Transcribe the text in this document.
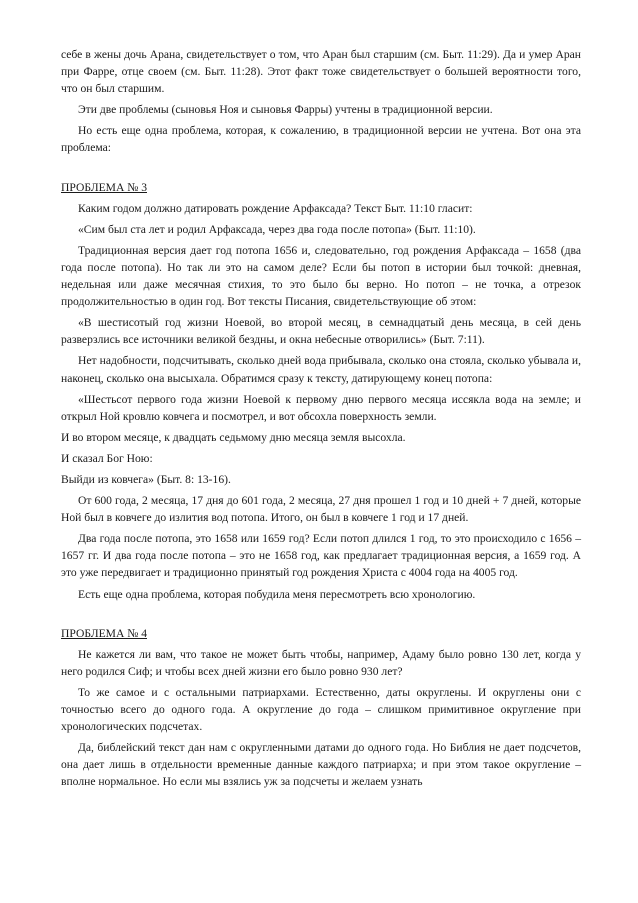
себе в жены дочь Арана, свидетельствует о том, что Аран был старшим (см. Быт. 11:29). Да и умер Аран при Фарре, отце своем (см. Быт. 11:28). Этот факт тоже свидетельствует о большей вероятности того, что он был старшим.

Эти две проблемы (сыновья Ноя и сыновья Фарры) учтены в традиционной версии.

Но есть еще одна проблема, которая, к сожалению, в традиционной версии не учтена. Вот она эта проблема:

ПРОБЛЕМА № 3

Каким годом должно датировать рождение Арфаксада? Текст Быт. 11:10 гласит:

«Сим был ста лет и родил Арфаксада, через два года после потопа» (Быт. 11:10).

Традиционная версия дает год потопа 1656 и, следовательно, год рождения Арфаксада – 1658 (два года после потопа). Но так ли это на самом деле? Если бы потоп в истории был точкой: дневная, недельная или даже месячная стихия, то это было бы верно. Но потоп – не точка, а отрезок продолжительностью в один год. Вот тексты Писания, свидетельствующие об этом:

«В шестисотый год жизни Ноевой, во второй месяц, в семнадцатый день месяца, в сей день разверзлись все источники великой бездны, и окна небесные отворились» (Быт. 7:11).

Нет надобности, подсчитывать, сколько дней вода прибывала, сколько она стояла, сколько убывала и, наконец, сколько она высыхала. Обратимся сразу к тексту, датирующему конец потопа:

«Шестьсот первого года жизни Ноевой к первому дню первого месяца иссякла вода на земле; и открыл Ной кровлю ковчега и посмотрел, и вот обсохла поверхность земли.

И во втором месяце, к двадцать седьмому дню месяца земля высохла.

И сказал Бог Ною:

Выйди из ковчега» (Быт. 8: 13-16).

От 600 года, 2 месяца, 17 дня до 601 года, 2 месяца, 27 дня прошел 1 год и 10 дней + 7 дней, которые Ной был в ковчеге до излития вод потопа. Итого, он был в ковчеге 1 год и 17 дней.

Два года после потопа, это 1658 или 1659 год? Если потоп длился 1 год, то это происходило с 1656 – 1657 гг. И два года после потопа – это не 1658 год, как предлагает традиционная версия, а 1659 год. А это уже передвигает и традиционно принятый год рождения Христа с 4004 года на 4005 год.

Есть еще одна проблема, которая побудила меня пересмотреть всю хронологию.

ПРОБЛЕМА № 4

Не кажется ли вам, что такое не может быть чтобы, например, Адаму было ровно 130 лет, когда у него родился Сиф; и чтобы всех дней жизни его было ровно 930 лет?

То же самое и с остальными патриархами. Естественно, даты округлены. И округлены они с точностью всего до одного года. А округление до года – слишком примитивное округление при хронологических подсчетах.

Да, библейский текст дан нам с округленными датами до одного года. Но Библия не дает подсчетов, она дает лишь в отдельности временные данные каждого патриарха; и при этом такое округление – вполне нормальное. Но если мы взялись уж за подсчеты и желаем узнать
